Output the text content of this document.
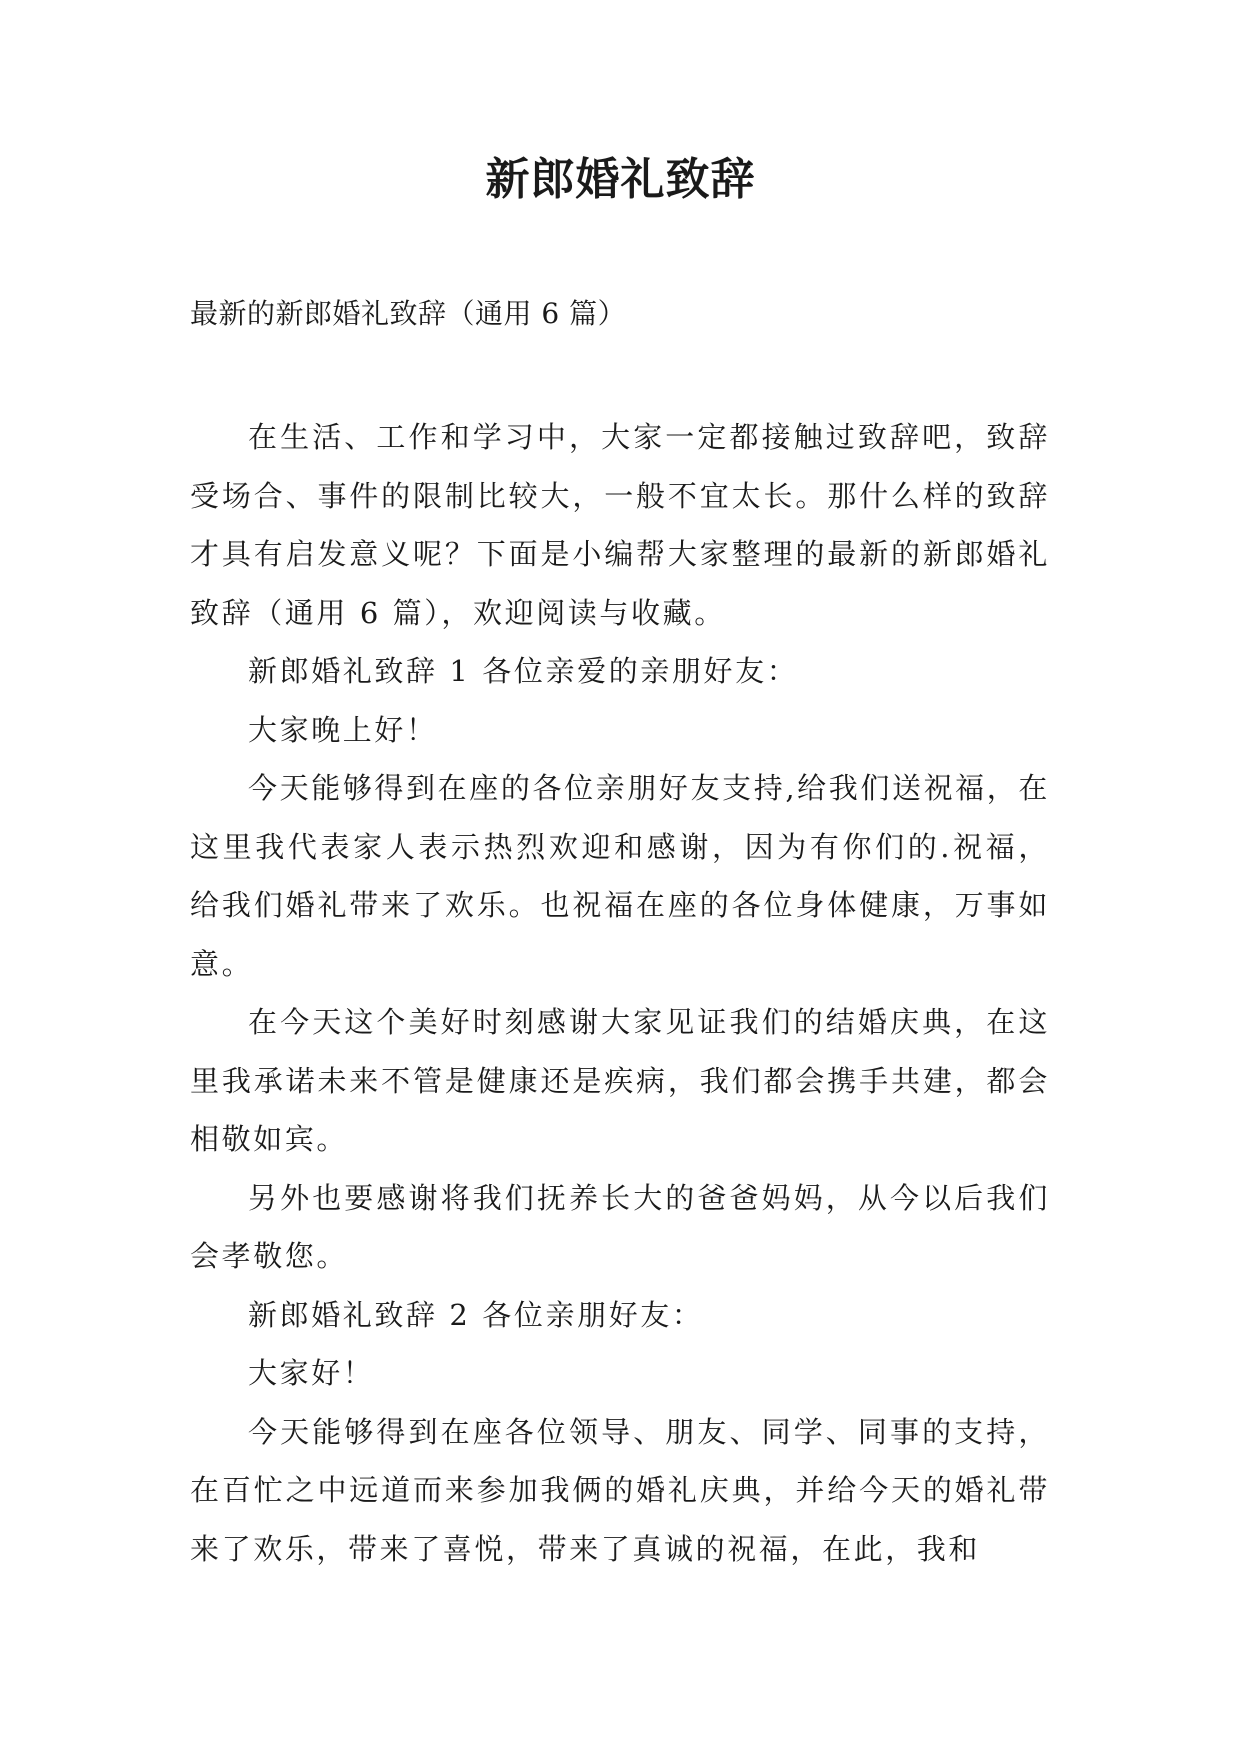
新郎婚礼致辞

最新的新郎婚礼致辞（通用 6 篇）

在生活、工作和学习中，大家一定都接触过致辞吧，致辞受场合、事件的限制比较大，一般不宜太长。那什么样的致辞才具有启发意义呢？下面是小编帮大家整理的最新的新郎婚礼致辞（通用 6 篇），欢迎阅读与收藏。

新郎婚礼致辞 1 各位亲爱的亲朋好友：

大家晚上好！

今天能够得到在座的各位亲朋好友支持,给我们送祝福，在这里我代表家人表示热烈欢迎和感谢，因为有你们的.祝福，给我们婚礼带来了欢乐。也祝福在座的各位身体健康，万事如意。

在今天这个美好时刻感谢大家见证我们的结婚庆典，在这里我承诺未来不管是健康还是疾病，我们都会携手共建，都会相敬如宾。

另外也要感谢将我们抚养长大的爸爸妈妈，从今以后我们会孝敬您。

新郎婚礼致辞 2 各位亲朋好友：

大家好！

今天能够得到在座各位领导、朋友、同学、同事的支持，在百忙之中远道而来参加我俩的婚礼庆典，并给今天的婚礼带来了欢乐，带来了喜悦，带来了真诚的祝福，在此，我和
